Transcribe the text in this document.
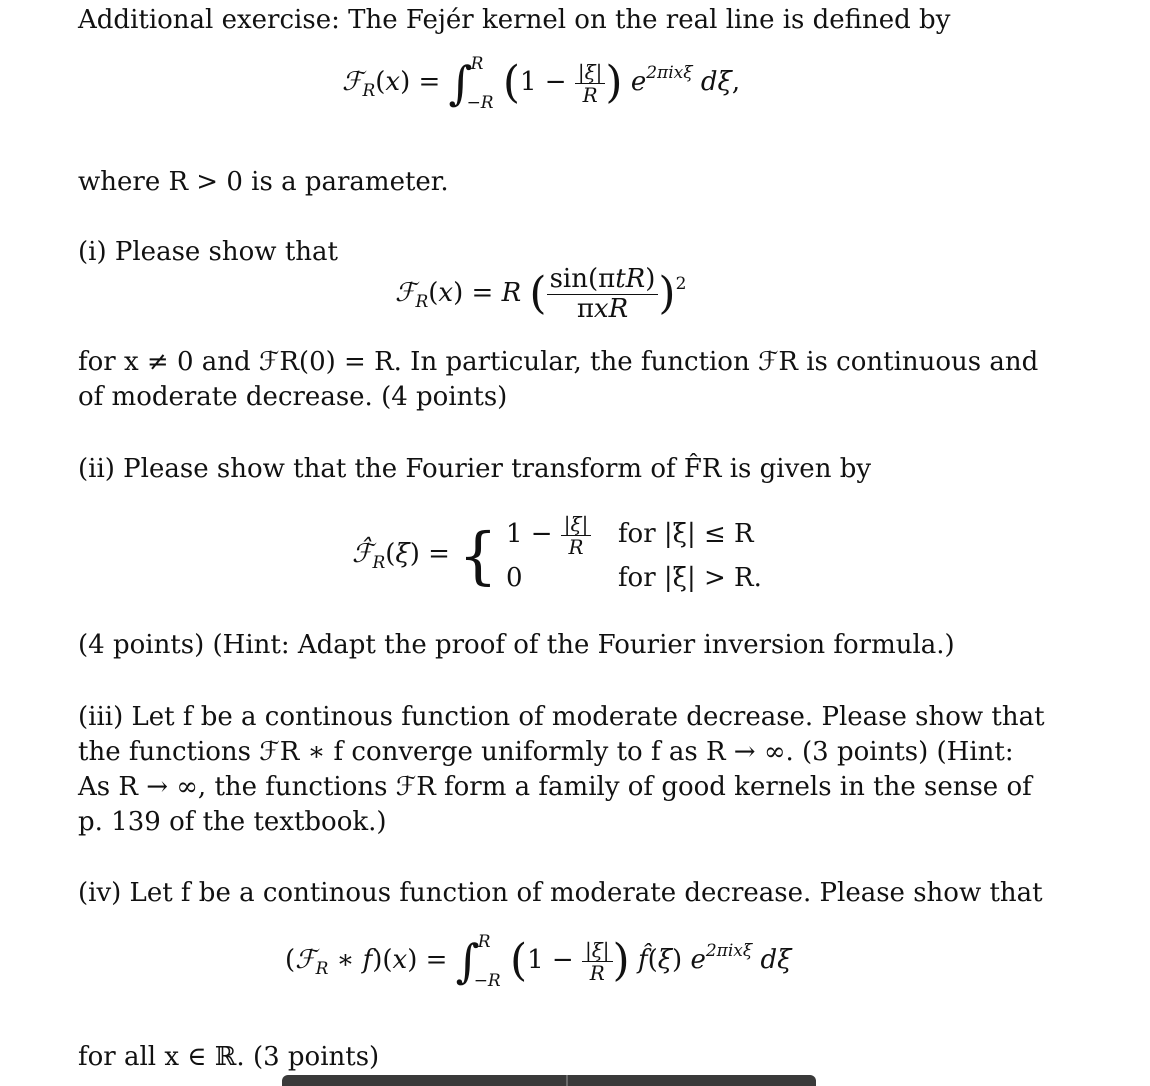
Additional exercise: The Fejér kernel on the real line is defined by

ℱ$_R$(x) = ∫
R
−R ($1 - \frac{|\xi|}{R}$ ) $e^{2\pi ix\xi}$ dξ,

where R > 0 is a parameter.

(i) Please show that

ℱ$_R$(x) = R ( $\frac{\text{sin(πtR)}}{\text{πxR}} )^2$

for x ≠ 0 and ℱR(0) = R. In particular, the function ℱR is continuous and

of moderate decrease. (4 points)

(ii) Please show that the Fourier transform of F̂R is given by

$ℱ̂_R(\xi)$ = { $1 - \frac{|\xi|}{R}$ for |ξ| ≤ R
0	for |ξ| > R.

(4 points) (Hint: Adapt the proof of the Fourier inversion formula.)

(iii) Let f be a continous function of moderate decrease. Please show that

the functions ℱR ∗ f converge uniformly to f as R → ∞. (3 points) (Hint:

As R → ∞, the functions ℱR form a family of good kernels in the sense of

p. 139 of the textbook.)

(iv) Let f be a continous function of moderate decrease. Please show that

(ℱ$_R$ ∗ f)(x) = ∫
R
−R ($1 - \frac{|\xi|}{R}$ ) f̂(ξ) $e^{2\pi ix\xi}$ dξ

for all x ∈ ℝ. (3 points)
